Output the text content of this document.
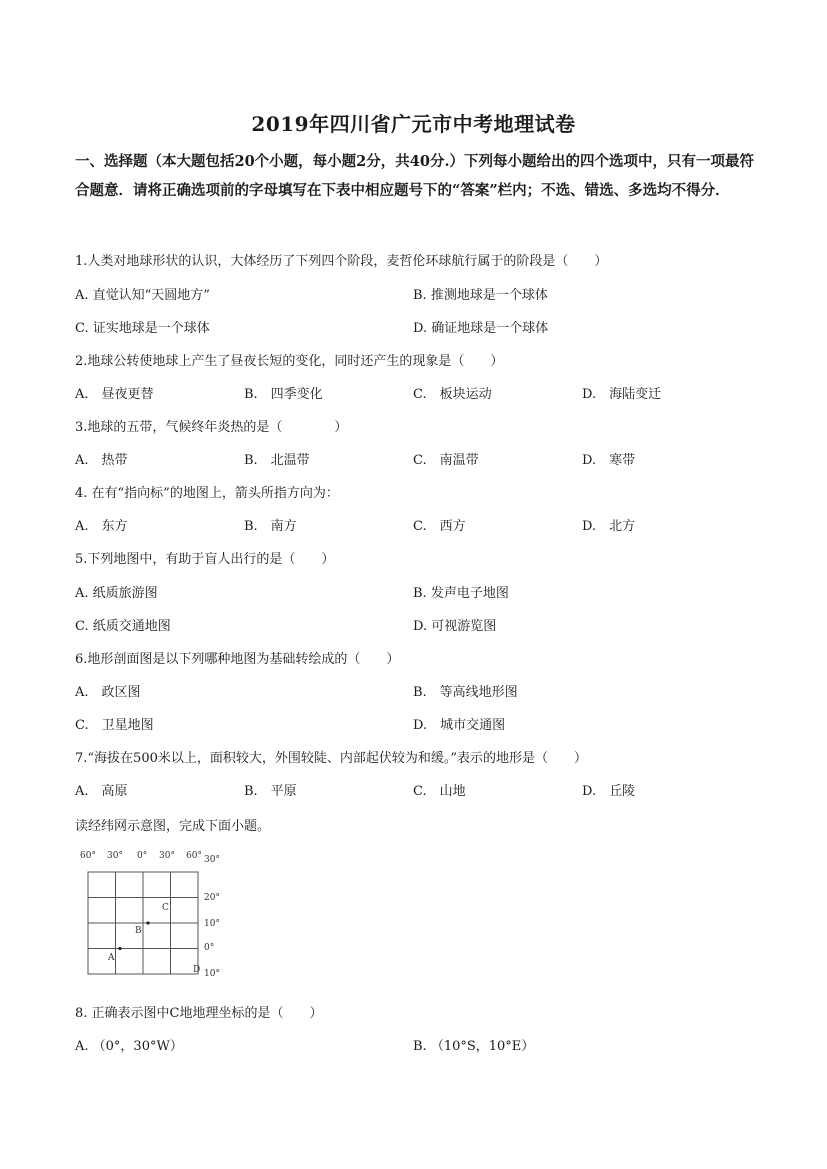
2019年四川省广元市中考地理试卷
一、选择题（本大题包括20个小题，每小题2分，共40分.）下列每小题给出的四个选项中，只有一项最符合题意．请将正确选项前的字母填写在下表中相应题号下的“答案”栏内；不选、错选、多选均不得分．
1.人类对地球形状的认识，大体经历了下列四个阶段，麦哲伦环球航行属于的阶段是（　　）
A. 直觉认知“天圆地方”	B. 推测地球是一个球体
C. 证实地球是一个球体	D. 确证地球是一个球体
2.地球公转使地球上产生了昼夜长短的变化，同时还产生的现象是（　　）
A.　昼夜更替	B.　四季变化	C.　板块运动	D.　海陆变迁
3.地球的五带，气候终年炎热的是（　　　　）
A.　热带	B.　北温带	C.　南温带	D.　寒带
4. 在有“指向标”的地图上，箭头所指方向为：
A.　东方	B.　南方	C.　西方	D.　北方
5.下列地图中，有助于盲人出行的是（　　）
A. 纸质旅游图	B. 发声电子地图
C. 纸质交通地图	D. 可视游览图
6.地形剖面图是以下列哪种地图为基础转绘成的（　　）
A.　政区图	B.　等高线地形图
C.　卫星地图	D.　城市交通图
7.“海拔在500米以上，面积较大，外围较陡、内部起伏较为和缓。”表示的地形是（　　）
A.　高原	B.　平原	C.　山地	D.　丘陵
读经纬网示意图，完成下面小题。
60° 30° 0° 30° 60° 30°
20°
10°
0°
10°
A
B
C
D
8. 正确表示图中C地地理坐标的是（　　）
A. （0°，30°W）	B. （10°S，10°E）
